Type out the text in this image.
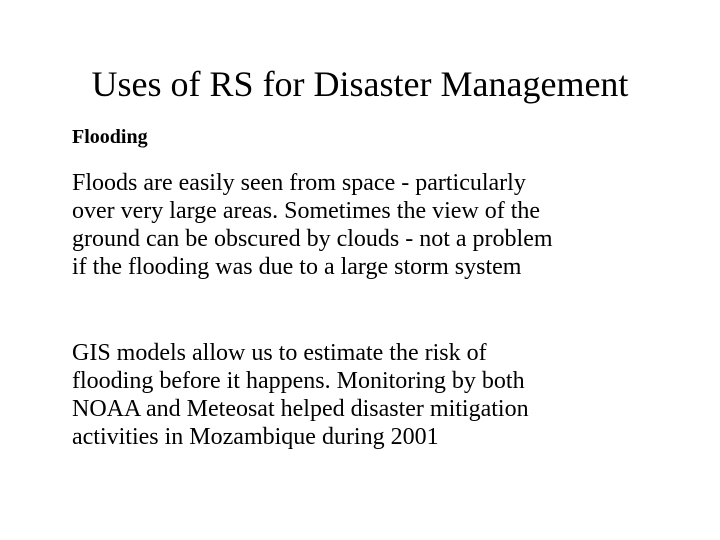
Uses of RS for Disaster Management
Flooding

Floods are easily seen from space - particularly
over very large areas. Sometimes the view of the
ground can be obscured by clouds - not a problem
if the flooding was due to a large storm system

GIS models allow us to estimate the risk of
flooding before it happens. Monitoring by both
NOAA and Meteosat helped disaster mitigation
activities in Mozambique during 2001
